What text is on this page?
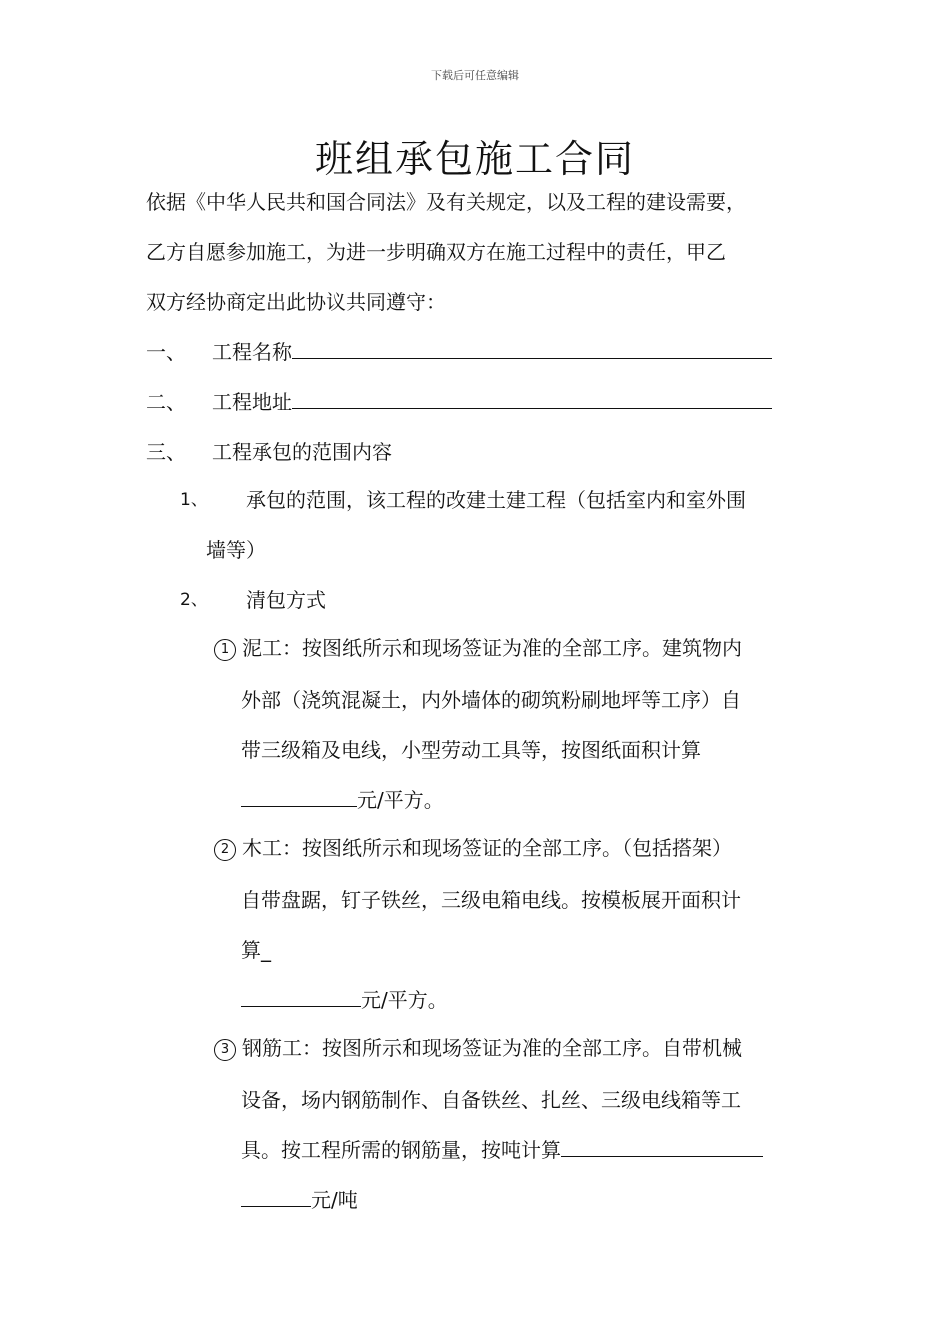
下载后可任意编辑
班组承包施工合同
依据《中华人民共和国合同法》及有关规定，以及工程的建设需要，
乙方自愿参加施工，为进一步明确双方在施工过程中的责任，甲乙
双方经协商定出此协议共同遵守：
一、 工程名称
二、 工程地址
三、 工程承包的范围内容
1、 承包的范围，该工程的改建土建工程（包括室内和室外围
墙等）
2、 清包方式
1 泥工：按图纸所示和现场签证为准的全部工序。建筑物内
外部（浇筑混凝土，内外墙体的砌筑粉刷地坪等工序）自
带三级箱及电线，小型劳动工具等，按图纸面积计算
元/平方。
2 木工：按图纸所示和现场签证的全部工序。（包括搭架）
自带盘踞，钉子铁丝，三级电箱电线。按模板展开面积计
算_
元/平方。
3 钢筋工：按图所示和现场签证为准的全部工序。自带机械
设备，场内钢筋制作、自备铁丝、扎丝、三级电线箱等工
具。按工程所需的钢筋量，按吨计算
元/吨
